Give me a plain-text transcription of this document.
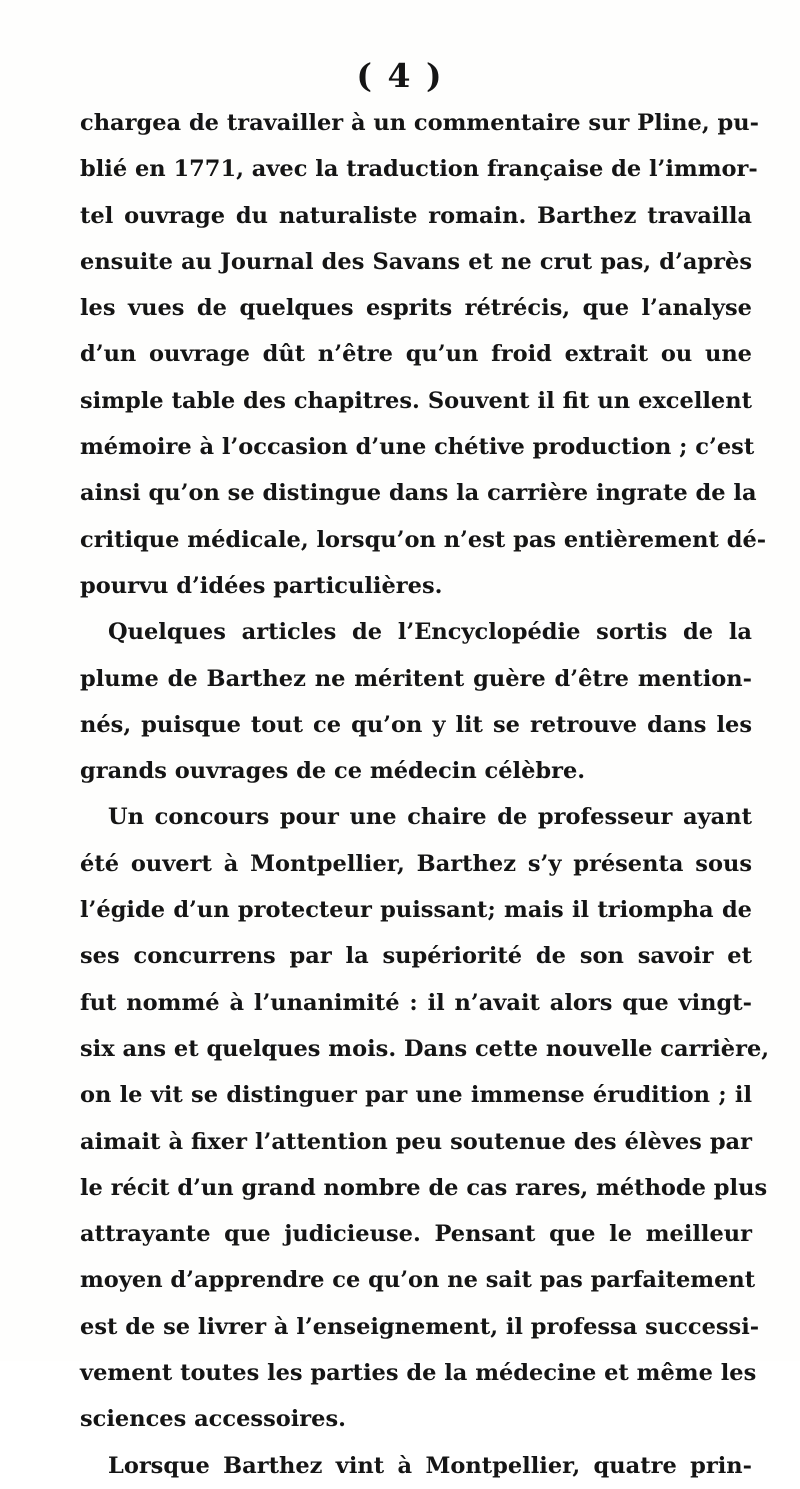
( 4 )
chargea de travailler à un commentaire sur Pline, pu-
blié en 1771, avec la traduction française de l’immor-
tel ouvrage du naturaliste romain. Barthez travailla
ensuite au Journal des Savans et ne crut pas, d’après
les vues de quelques esprits rétrécis, que l’analyse
d’un ouvrage dût n’être qu’un froid extrait ou une
simple table des chapitres. Souvent il fit un excellent
mémoire à l’occasion d’une chétive production ; c’est
ainsi qu’on se distingue dans la carrière ingrate de la
critique médicale, lorsqu’on n’est pas entièrement dé-
pourvu d’idées particulières.
Quelques articles de l’Encyclopédie sortis de la
plume de Barthez ne méritent guère d’être mention-
nés, puisque tout ce qu’on y lit se retrouve dans les
grands ouvrages de ce médecin célèbre.
Un concours pour une chaire de professeur ayant
été ouvert à Montpellier, Barthez s’y présenta sous
l’égide d’un protecteur puissant; mais il triompha de
ses concurrens par la supériorité de son savoir et
fut nommé à l’unanimité : il n’avait alors que vingt-
six ans et quelques mois. Dans cette nouvelle carrière,
on le vit se distinguer par une immense érudition ; il
aimait à fixer l’attention peu soutenue des élèves par
le récit d’un grand nombre de cas rares, méthode plus
attrayante que judicieuse. Pensant que le meilleur
moyen d’apprendre ce qu’on ne sait pas parfaitement
est de se livrer à l’enseignement, il professa successi-
vement toutes les parties de la médecine et même les
sciences accessoires.
Lorsque Barthez vint à Montpellier, quatre prin-
